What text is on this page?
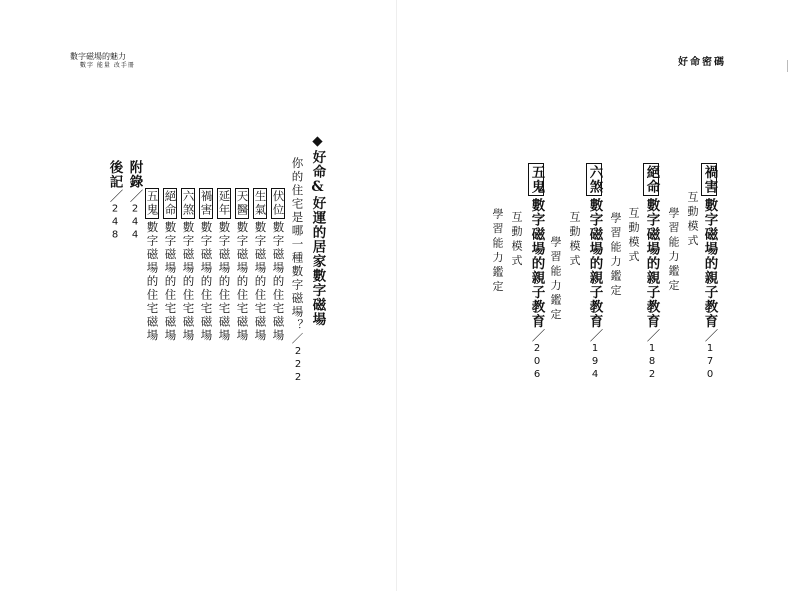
數字磁場的魅力
數字 能量 改手冊	好命密碼
禍害數字磁場的親子教育／170
互動模式
學習能力鑑定
絕命數字磁場的親子教育／182
互動模式
學習能力鑑定
六煞數字磁場的親子教育／194
互動模式
學習能力鑑定
五鬼數字磁場的親子教育／206
互動模式
學習能力鑑定
◆好命&好運的居家數字磁場
你的住宅是哪一種數字磁場？／222
伏位數字磁場的住宅磁場
生氣數字磁場的住宅磁場
天醫數字磁場的住宅磁場
延年數字磁場的住宅磁場
禍害數字磁場的住宅磁場
六煞數字磁場的住宅磁場
絕命數字磁場的住宅磁場
五鬼數字磁場的住宅磁場
附錄／244
後記／248
